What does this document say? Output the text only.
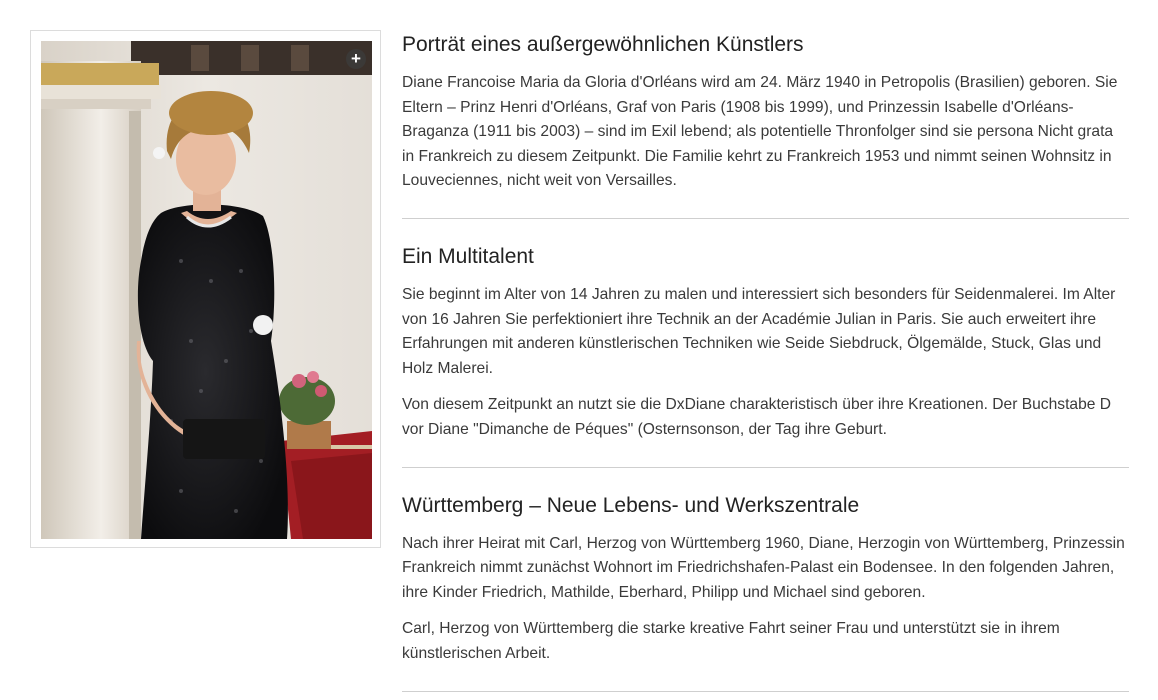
+
Porträt eines außergewöhnlichen Künstlers

Diane Francoise Maria da Gloria d'Orléans wird am 24. März 1940 in Petropolis (Brasilien) geboren. Sie Eltern – Prinz Henri d'Orléans, Graf von Paris (1908 bis 1999), und Prinzessin Isabelle d'Orléans-Braganza (1911 bis 2003) – sind im Exil lebend; als potentielle Thronfolger sind sie persona Nicht grata in Frankreich zu diesem Zeitpunkt. Die Familie kehrt zu Frankreich 1953 und nimmt seinen Wohnsitz in Louveciennes, nicht weit von Versailles.

Ein Multitalent

Sie beginnt im Alter von 14 Jahren zu malen und interessiert sich besonders für Seidenmalerei. Im Alter von 16 Jahren Sie perfektioniert ihre Technik an der Académie Julian in Paris. Sie auch erweitert ihre Erfahrungen mit anderen künstlerischen Techniken wie Seide Siebdruck, Ölgemälde, Stuck, Glas und Holz Malerei.

Von diesem Zeitpunkt an nutzt sie die DxDiane charakteristisch über ihre Kreationen. Der Buchstabe D vor Diane "Dimanche de Péques" (Osternsonson, der Tag ihre Geburt.

Württemberg – Neue Lebens- und Werkszentrale

Nach ihrer Heirat mit Carl, Herzog von Württemberg 1960, Diane, Herzogin von Württemberg, Prinzessin Frankreich nimmt zunächst Wohnort im Friedrichshafen-Palast ein Bodensee. In den folgenden Jahren, ihre Kinder Friedrich, Mathilde, Eberhard, Philipp und Michael sind geboren.

Carl, Herzog von Württemberg die starke kreative Fahrt seiner Frau und unterstützt sie in ihrem künstlerischen Arbeit.
